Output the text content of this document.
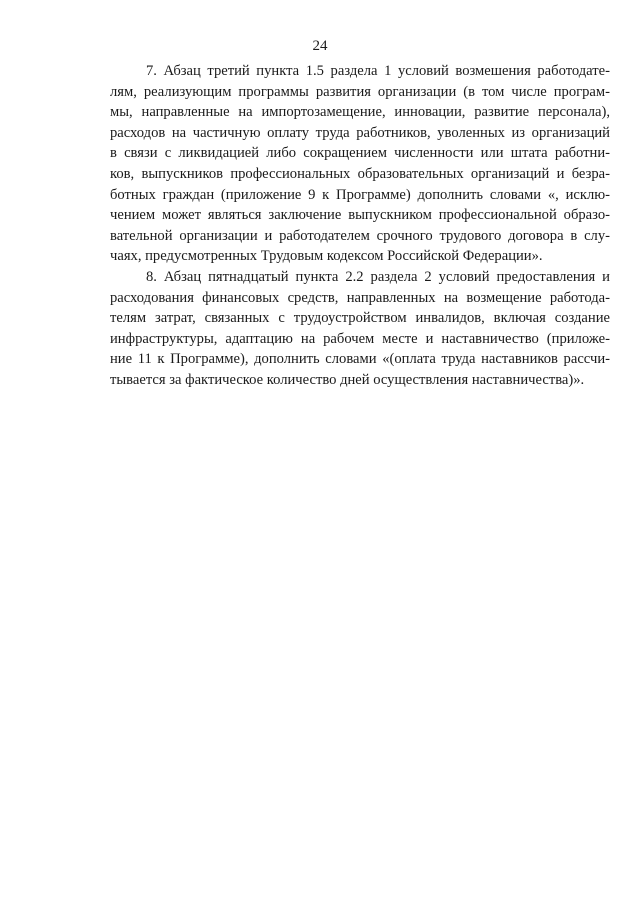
24
7. Абзац третий пункта 1.5 раздела 1 условий возмешения работодате-
лям, реализующим программы развития организации (в том числе програм-
мы, направленные на импортозамещение, инновации, развитие персонала),
расходов на частичную оплату труда работников, уволенных из организаций
в связи с ликвидацией либо сокращением численности или штата работни-
ков, выпускников профессиональных образовательных организаций и безра-
ботных граждан (приложение 9 к Программе) дополнить словами «, исклю-
чением может являться заключение выпускником профессиональной образо-
вательной организации и работодателем срочного трудового договора в слу-
чаях, предусмотренных Трудовым кодексом Российской Федерации».
8. Абзац пятнадцатый пункта 2.2 раздела 2 условий предоставления и
расходования финансовых средств, направленных на возмещение работода-
телям затрат, связанных с трудоустройством инвалидов, включая создание
инфраструктуры, адаптацию на рабочем месте и наставничество (приложе-
ние 11 к Программе), дополнить словами «(оплата труда наставников рассчи-
тывается за фактическое количество дней осуществления наставничества)».
